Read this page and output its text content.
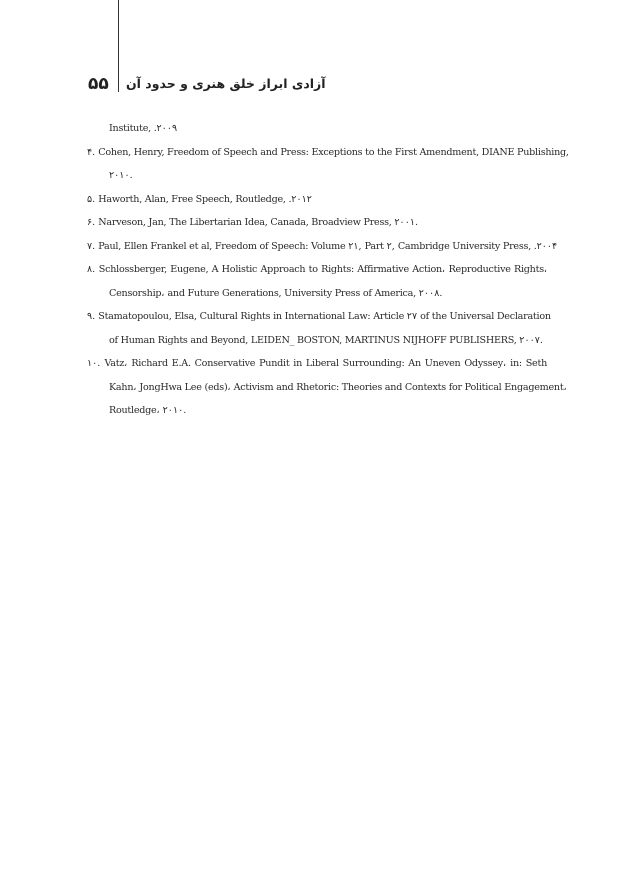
۵۵ آزادی ابراز خلق هنری و حدود آن
Institute, .۲۰۰۹
۴. Cohen, Henry, Freedom of Speech and Press: Exceptions to the First Amendment, DIANE Publishing,
۲۰۱۰.
۵. Haworth, Alan, Free Speech, Routledge, .۲۰۱۲
۶. Narveson, Jan, The Libertarian Idea, Canada, Broadview Press, ۲۰۰۱.
۷. Paul, Ellen Frankel et al, Freedom of Speech: Volume ۲۱, Part ۲, Cambridge University Press, .۲۰۰۴
۸. Schlossberger, Eugene, A Holistic Approach to Rights: Affirmative Action، Reproductive Rights،
Censorship، and Future Generations, University Press of America, ۲۰۰۸.
۹. Stamatopoulou, Elsa, Cultural Rights in International Law: Article ۲۷ of the Universal Declaration
of Human Rights and Beyond, LEIDEN_ BOSTON, MARTINUS NIJHOFF PUBLISHERS, ۲۰۰۷.
۱۰. Vatz، Richard E.A. Conservative Pundit in Liberal Surrounding: An Uneven Odyssey، in: Seth
Kahn، JongHwa Lee (eds)، Activism and Rhetoric: Theories and Contexts for Political Engagement،
Routledge، ۲۰۱۰.
